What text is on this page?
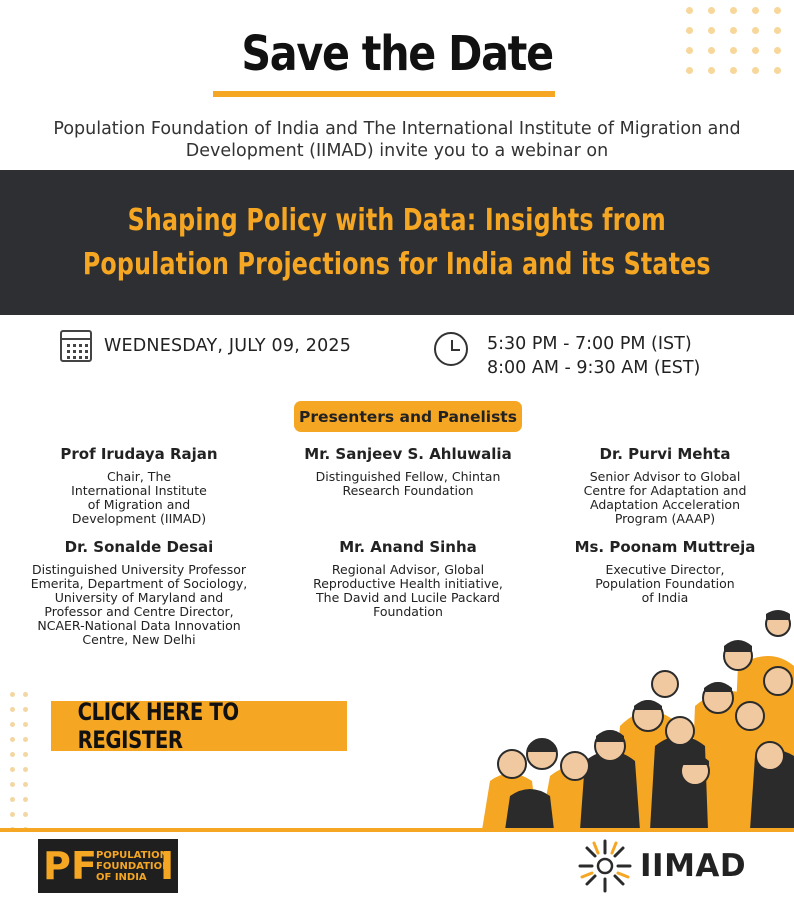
Save the Date

Population Foundation of India and The International Institute of Migration and Development (IIMAD) invite you to a webinar on

Shaping Policy with Data: Insights from
Population Projections for India and its States
WEDNESDAY, JULY 09, 2025	5:30 PM - 7:00 PM (IST)
8:00 AM - 9:30 AM (EST)
Presenters and Panelists
Prof Irudaya Rajan
Chair, The International Institute of Migration and Development (IIMAD)
Mr. Sanjeev S. Ahluwalia
Distinguished Fellow, Chintan Research Foundation
Dr. Purvi Mehta
Senior Advisor to Global Centre for Adaptation and Adaptation Acceleration Program (AAAP)
Dr. Sonalde Desai
Distinguished University Professor Emerita, Department of Sociology, University of Maryland and Professor and Centre Director, NCAER-National Data Innovation Centre, New Delhi
Mr. Anand Sinha
Regional Advisor, Global Reproductive Health initiative, The David and Lucile Packard Foundation
Ms. Poonam Muttreja
Executive Director, Population Foundation of India
CLICK HERE TO REGISTER
P F POPULATION
FOUNDATION
OF INDIA I	IIMAD
